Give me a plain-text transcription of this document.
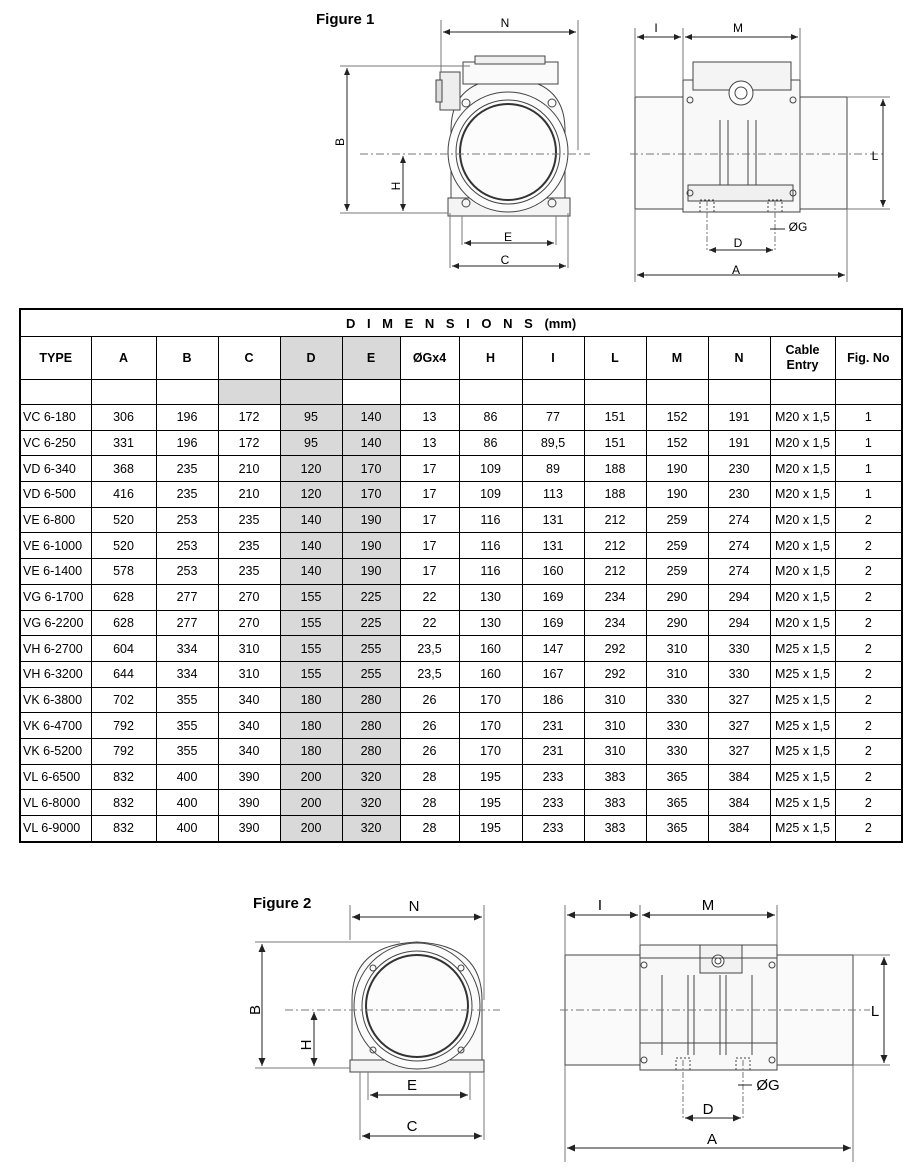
Figure 1	N
B
H
E
C
I	M
L
ØG
D
A
D I M E N S I O N S (mm)													
TYPE	A	B	C	D	E	ØGx4	H	I	L	M	N	Cable Entry	Fig. No

VC 6-180	306	196	172	95	140	13	86	77	151	152	191	M20 x 1,5	1
VC 6-250	331	196	172	95	140	13	86	89,5	151	152	191	M20 x 1,5	1
VD 6-340	368	235	210	120	170	17	109	89	188	190	230	M20 x 1,5	1
VD 6-500	416	235	210	120	170	17	109	113	188	190	230	M20 x 1,5	1
VE 6-800	520	253	235	140	190	17	116	131	212	259	274	M20 x 1,5	2
VE 6-1000	520	253	235	140	190	17	116	131	212	259	274	M20 x 1,5	2
VE 6-1400	578	253	235	140	190	17	116	160	212	259	274	M20 x 1,5	2
VG 6-1700	628	277	270	155	225	22	130	169	234	290	294	M20 x 1,5	2
VG 6-2200	628	277	270	155	225	22	130	169	234	290	294	M20 x 1,5	2
VH 6-2700	604	334	310	155	255	23,5	160	147	292	310	330	M25 x 1,5	2
VH 6-3200	644	334	310	155	255	23,5	160	167	292	310	330	M25 x 1,5	2
VK 6-3800	702	355	340	180	280	26	170	186	310	330	327	M25 x 1,5	2
VK 6-4700	792	355	340	180	280	26	170	231	310	330	327	M25 x 1,5	2
VK 6-5200	792	355	340	180	280	26	170	231	310	330	327	M25 x 1,5	2
VL 6-6500	832	400	390	200	320	28	195	233	383	365	384	M25 x 1,5	2
VL 6-8000	832	400	390	200	320	28	195	233	383	365	384	M25 x 1,5	2
VL 6-9000	832	400	390	200	320	28	195	233	383	365	384	M25 x 1,5	2
Figure 2	N
B
H
E
C
I	M
L
ØG
D
A
